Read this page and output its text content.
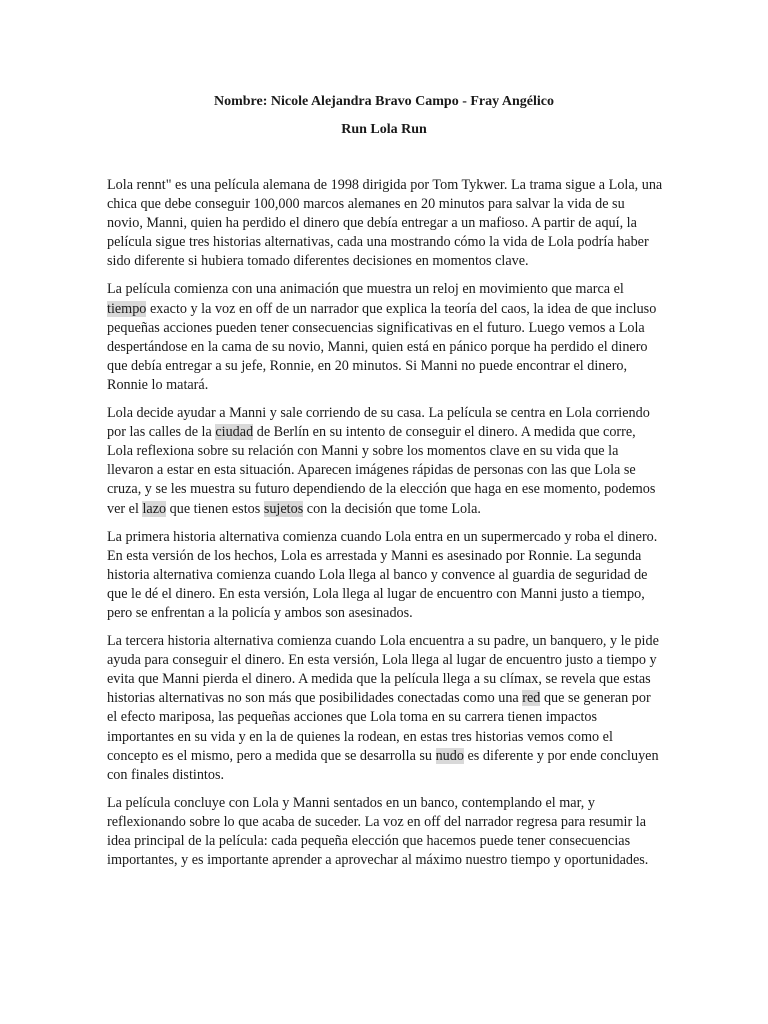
Nombre: Nicole Alejandra Bravo Campo - Fray Angélico
Run Lola Run

Lola rennt" es una película alemana de 1998 dirigida por Tom Tykwer. La trama sigue a Lola, una chica que debe conseguir 100,000 marcos alemanes en 20 minutos para salvar la vida de su novio, Manni, quien ha perdido el dinero que debía entregar a un mafioso. A partir de aquí, la película sigue tres historias alternativas, cada una mostrando cómo la vida de Lola podría haber sido diferente si hubiera tomado diferentes decisiones en momentos clave.

La película comienza con una animación que muestra un reloj en movimiento que marca el tiempo exacto y la voz en off de un narrador que explica la teoría del caos, la idea de que incluso pequeñas acciones pueden tener consecuencias significativas en el futuro. Luego vemos a Lola despertándose en la cama de su novio, Manni, quien está en pánico porque ha perdido el dinero que debía entregar a su jefe, Ronnie, en 20 minutos. Si Manni no puede encontrar el dinero, Ronnie lo matará.

Lola decide ayudar a Manni y sale corriendo de su casa. La película se centra en Lola corriendo por las calles de la ciudad de Berlín en su intento de conseguir el dinero. A medida que corre, Lola reflexiona sobre su relación con Manni y sobre los momentos clave en su vida que la llevaron a estar en esta situación. Aparecen imágenes rápidas de personas con las que Lola se cruza, y se les muestra su futuro dependiendo de la elección que haga en ese momento, podemos ver el lazo que tienen estos sujetos con la decisión que tome Lola.

La primera historia alternativa comienza cuando Lola entra en un supermercado y roba el dinero. En esta versión de los hechos, Lola es arrestada y Manni es asesinado por Ronnie. La segunda historia alternativa comienza cuando Lola llega al banco y convence al guardia de seguridad de que le dé el dinero. En esta versión, Lola llega al lugar de encuentro con Manni justo a tiempo, pero se enfrentan a la policía y ambos son asesinados.

La tercera historia alternativa comienza cuando Lola encuentra a su padre, un banquero, y le pide ayuda para conseguir el dinero. En esta versión, Lola llega al lugar de encuentro justo a tiempo y evita que Manni pierda el dinero. A medida que la película llega a su clímax, se revela que estas historias alternativas no son más que posibilidades conectadas como una red que se generan por el efecto mariposa, las pequeñas acciones que Lola toma en su carrera tienen impactos importantes en su vida y en la de quienes la rodean, en estas tres historias vemos como el concepto es el mismo, pero a medida que se desarrolla su nudo es diferente y por ende concluyen con finales distintos.

La película concluye con Lola y Manni sentados en un banco, contemplando el mar, y reflexionando sobre lo que acaba de suceder. La voz en off del narrador regresa para resumir la idea principal de la película: cada pequeña elección que hacemos puede tener consecuencias importantes, y es importante aprender a aprovechar al máximo nuestro tiempo y oportunidades.
